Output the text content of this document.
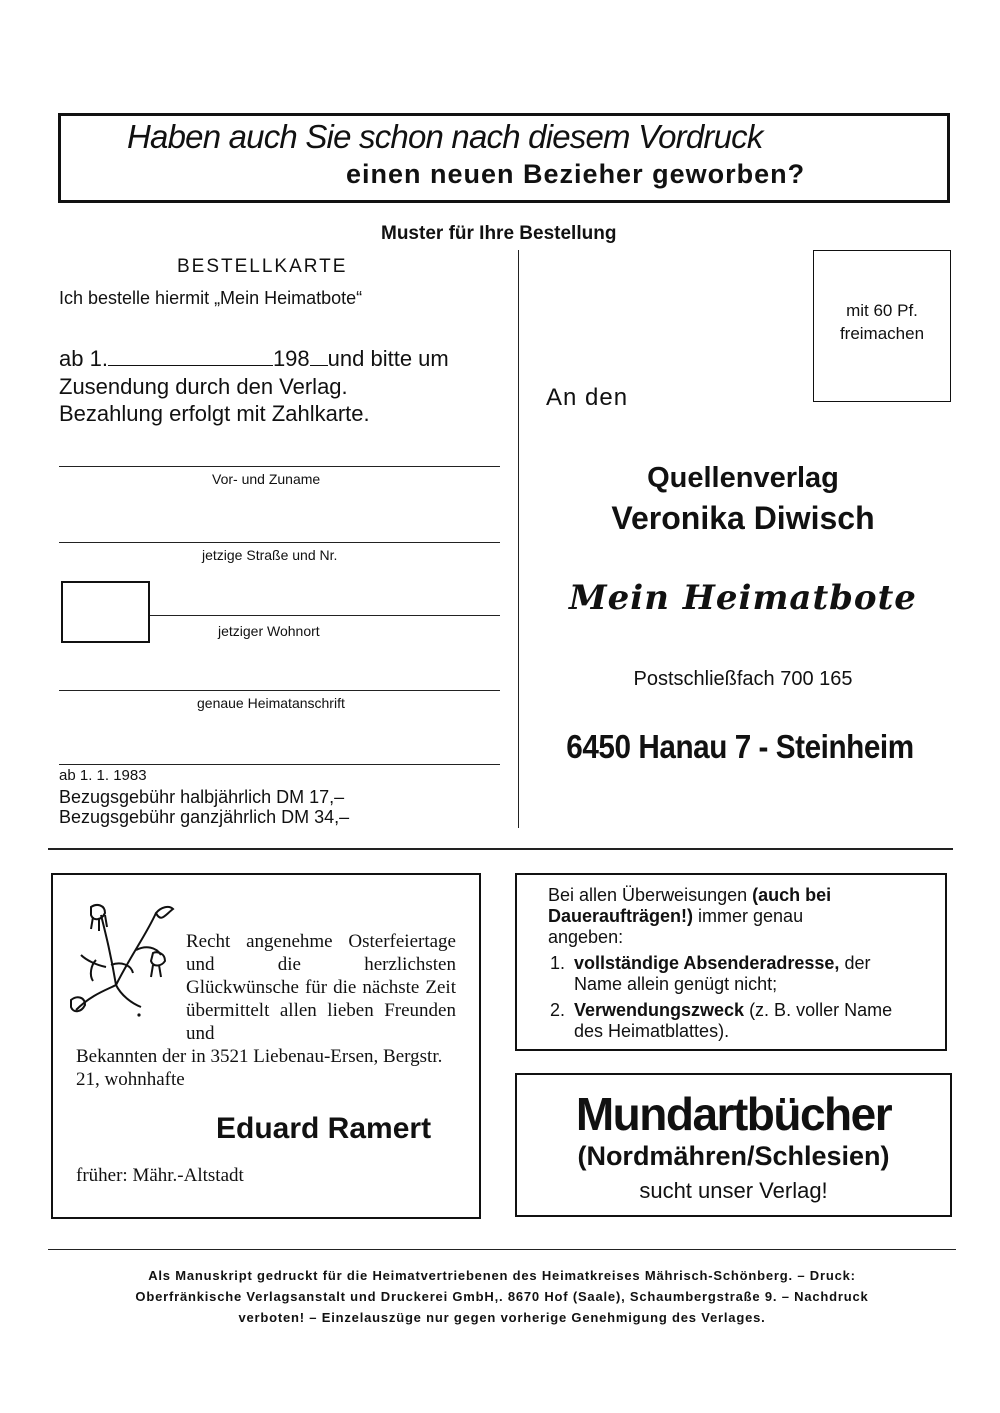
Haben auch Sie schon nach diesem Vordruck
einen neuen Bezieher geworben?
Muster für Ihre Bestellung
BESTELLKARTE
Ich bestelle hiermit „Mein Heimatbote“
ab 1.	198 und bitte um
Zusendung durch den Verlag.
Bezahlung erfolgt mit Zahlkarte.
Vor- und Zuname
jetzige Straße und Nr.
jetziger Wohnort
genaue Heimatanschrift
ab 1. 1. 1983
Bezugsgebühr halbjährlich DM 17,–
Bezugsgebühr ganzjährlich DM 34,–
mit 60 Pf.
freimachen
An den
Quellenverlag
Veronika Diwisch
Mein Heimatbote
Postschließfach 700 165
6450 Hanau 7 - Steinheim
Recht angenehme Osterfeiertage und die herzlichsten Glückwünsche für die nächste Zeit übermittelt allen lieben Freunden und
Bekannten der in 3521 Liebenau-Ersen, Bergstr. 21, wohnhafte
Eduard Ramert
früher: Mähr.-Altstadt
Bei allen Überweisungen (auch bei
Daueraufträgen!) immer genau
angeben:
1. vollständige Absenderadresse, der
Name allein genügt nicht;
2. Verwendungszweck (z. B. voller Name
des Heimatblattes).
Mundartbücher
(Nordmähren/Schlesien)
sucht unser Verlag!
Als Manuskript gedruckt für die Heimatvertriebenen des Heimatkreises Mährisch-Schönberg. – Druck:
Oberfränkische Verlagsanstalt und Druckerei GmbH,. 8670 Hof (Saale), Schaumbergstraße 9. – Nachdruck
verboten! – Einzelauszüge nur gegen vorherige Genehmigung des Verlages.
